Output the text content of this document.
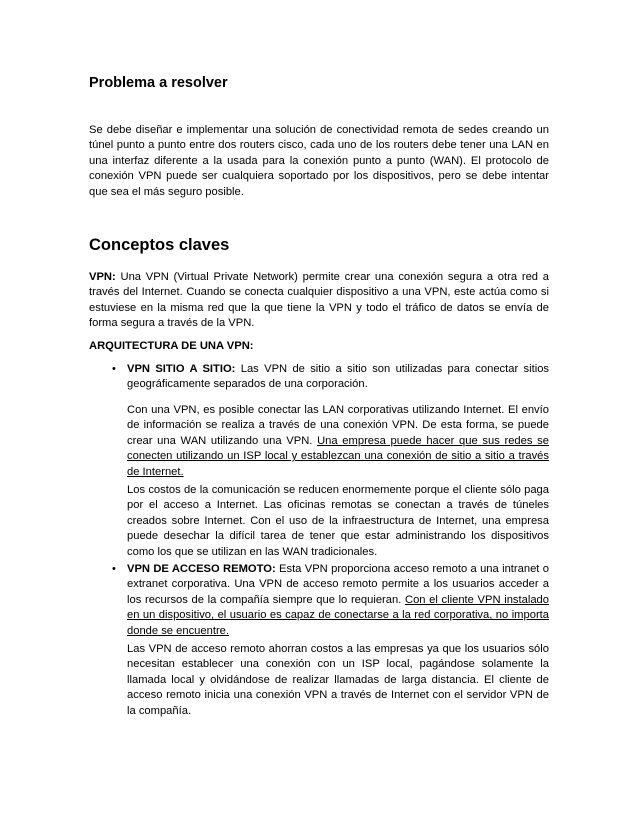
Problema a resolver

Se debe diseñar e implementar una solución de conectividad remota de sedes creando un túnel punto a punto entre dos routers cisco, cada uno de los routers debe tener una LAN en una interfaz diferente a la usada para la conexión punto a punto (WAN). El protocolo de conexión VPN puede ser cualquiera soportado por los dispositivos, pero se debe intentar que sea el más seguro posible.

Conceptos claves

VPN: Una VPN (Virtual Private Network) permite crear una conexión segura a otra red a través del Internet. Cuando se conecta cualquier dispositivo a una VPN, este actúa como si estuviese en la misma red que la que tiene la VPN y todo el tráfico de datos se envía de forma segura a través de la VPN.

ARQUITECTURA DE UNA VPN:

• VPN SITIO A SITIO: Las VPN de sitio a sitio son utilizadas para conectar sitios geográficamente separados de una corporación.

Con una VPN, es posible conectar las LAN corporativas utilizando Internet. El envío de información se realiza a través de una conexión VPN. De esta forma, se puede crear una WAN utilizando una VPN. Una empresa puede hacer que sus redes se conecten utilizando un ISP local y establezcan una conexión de sitio a sitio a través de Internet.

Los costos de la comunicación se reducen enormemente porque el cliente sólo paga por el acceso a Internet. Las oficinas remotas se conectan a través de túneles creados sobre Internet. Con el uso de la infraestructura de Internet, una empresa puede desechar la difícil tarea de tener que estar administrando los dispositivos como los que se utilizan en las WAN tradicionales.

• VPN DE ACCESO REMOTO: Esta VPN proporciona acceso remoto a una intranet o extranet corporativa. Una VPN de acceso remoto permite a los usuarios acceder a los recursos de la compañía siempre que lo requieran. Con el cliente VPN instalado en un dispositivo, el usuario es capaz de conectarse a la red corporativa, no importa donde se encuentre.

Las VPN de acceso remoto ahorran costos a las empresas ya que los usuarios sólo necesitan establecer una conexión con un ISP local, pagándose solamente la llamada local y olvidándose de realizar llamadas de larga distancia. El cliente de acceso remoto inicia una conexión VPN a través de Internet con el servidor VPN de la compañía.
